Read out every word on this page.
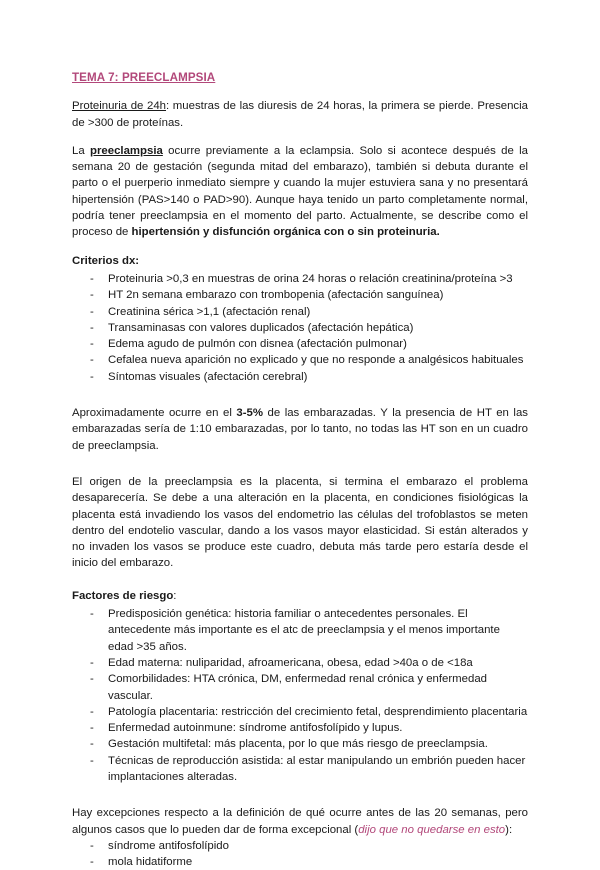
TEMA 7: PREECLAMPSIA

Proteinuria de 24h: muestras de las diuresis de 24 horas, la primera se pierde. Presencia de >300 de proteínas.

La preeclampsia ocurre previamente a la eclampsia. Solo si acontece después de la semana 20 de gestación (segunda mitad del embarazo), también si debuta durante el parto o el puerperio inmediato siempre y cuando la mujer estuviera sana y no presentará hipertensión (PAS>140 o PAD>90). Aunque haya tenido un parto completamente normal, podría tener preeclampsia en el momento del parto. Actualmente, se describe como el proceso de hipertensión y disfunción orgánica con o sin proteinuria.

Criterios dx:
- Proteinuria >0,3 en muestras de orina 24 horas o relación creatinina/proteína >3
- HT 2n semana embarazo con trombopenia (afectación sanguínea)
- Creatinina sérica >1,1 (afectación renal)
- Transaminasas con valores duplicados (afectación hepática)
- Edema agudo de pulmón con disnea (afectación pulmonar)
- Cefalea nueva aparición no explicado y que no responde a analgésicos habituales
- Síntomas visuales (afectación cerebral)

Aproximadamente ocurre en el 3-5% de las embarazadas. Y la presencia de HT en las embarazadas sería de 1:10 embarazadas, por lo tanto, no todas las HT son en un cuadro de preeclampsia.

El origen de la preeclampsia es la placenta, si termina el embarazo el problema desaparecería. Se debe a una alteración en la placenta, en condiciones fisiológicas la placenta está invadiendo los vasos del endometrio las células del trofoblastos se meten dentro del endotelio vascular, dando a los vasos mayor elasticidad. Si están alterados y no invaden los vasos se produce este cuadro, debuta más tarde pero estaría desde el inicio del embarazo.

Factores de riesgo:
- Predisposición genética: historia familiar o antecedentes personales. El antecedente más importante es el atc de preeclampsia y el menos importante edad >35 años.
- Edad materna: nuliparidad, afroamericana, obesa, edad >40a o de <18a
- Comorbilidades: HTA crónica, DM, enfermedad renal crónica y enfermedad vascular.
- Patología placentaria: restricción del crecimiento fetal, desprendimiento placentaria
- Enfermedad autoinmune: síndrome antifosfolípido y lupus.
- Gestación multifetal: más placenta, por lo que más riesgo de preeclampsia.
- Técnicas de reproducción asistida: al estar manipulando un embrión pueden hacer implantaciones alteradas.

Hay excepciones respecto a la definición de qué ocurre antes de las 20 semanas, pero algunos casos que lo pueden dar de forma excepcional (dijo que no quedarse en esto):

- síndrome antifosfolípido
- mola hidatiforme
